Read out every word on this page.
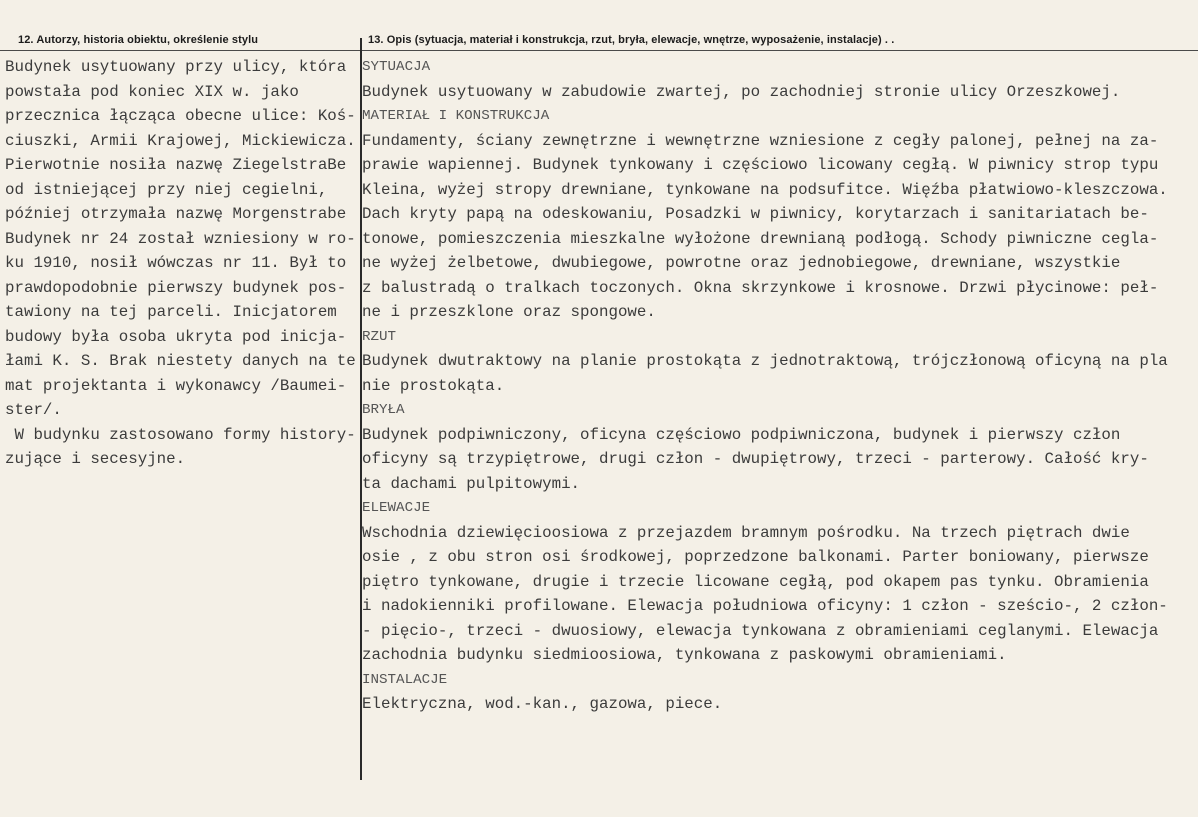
12. Autorzy, historia obiektu, określenie stylu	13. Opis (sytuacja, materiał i konstrukcja, rzut, bryła, elewacje, wnętrze, wyposażenie, instalacje) . .
Budynek usytuowany przy ulicy, która
powstała pod koniec XIX w. jako
przecznica łącząca obecne ulice: Koś-
ciuszki, Armii Krajowej, Mickiewicza.
Pierwotnie nosiła nazwę ZiegelstraBe
od istniejącej przy niej cegielni,
później otrzymała nazwę Morgenstrabe
Budynek nr 24 został wzniesiony w ro-
ku 1910, nosił wówczas nr 11. Był to
prawdopodobnie pierwszy budynek pos-
tawiony na tej parceli. Inicjatorem
budowy była osoba ukryta pod inicja-
łami K. S. Brak niestety danych na te
mat projektanta i wykonawcy /Baumei-
ster/.
W budynku zastosowano formy history-
zujące i secesyjne.
SYTUACJA
Budynek usytuowany w zabudowie zwartej, po zachodniej stronie ulicy Orzeszkowej.
MATERIAŁ I KONSTRUKCJA
Fundamenty, ściany zewnętrzne i wewnętrzne wzniesione z cegły palonej, pełnej na za-
prawie wapiennej. Budynek tynkowany i częściowo licowany cegłą. W piwnicy strop typu
Kleina, wyżej stropy drewniane, tynkowane na podsufitce. Więźba płatwiowo-kleszczowa.
Dach kryty papą na odeskowaniu, Posadzki w piwnicy, korytarzach i sanitariatach be-
tonowe, pomieszczenia mieszkalne wyłożone drewnianą podłogą. Schody piwniczne cegla-
ne wyżej żelbetowe, dwubiegowe, powrotne oraz jednobiegowe, drewniane, wszystkie
z balustradą o tralkach toczonych. Okna skrzynkowe i krosnowe. Drzwi płycinowe: peł-
ne i przeszklone oraz spongowe.
RZUT
Budynek dwutraktowy na planie prostokąta z jednotraktową, trójczłonową oficyną na pla
nie prostokąta.
BRYŁA
Budynek podpiwniczony, oficyna częściowo podpiwniczona, budynek i pierwszy człon
oficyny są trzypiętrowe, drugi człon - dwupiętrowy, trzeci - parterowy. Całość kry-
ta dachami pulpitowymi.
ELEWACJE
Wschodnia dziewięcioosiowa z przejazdem bramnym pośrodku. Na trzech piętrach dwie
osie , z obu stron osi środkowej, poprzedzone balkonami. Parter boniowany, pierwsze
piętro tynkowane, drugie i trzecie licowane cegłą, pod okapem pas tynku. Obramienia
i nadokienniki profilowane. Elewacja południowa oficyny: 1 człon - sześcio-, 2 człon-
- pięcio-, trzeci - dwuosiowy, elewacja tynkowana z obramieniami ceglanymi. Elewacja
zachodnia budynku siedmioosiowa, tynkowana z paskowymi obramieniami.
INSTALACJE
Elektryczna, wod.-kan., gazowa, piece.
